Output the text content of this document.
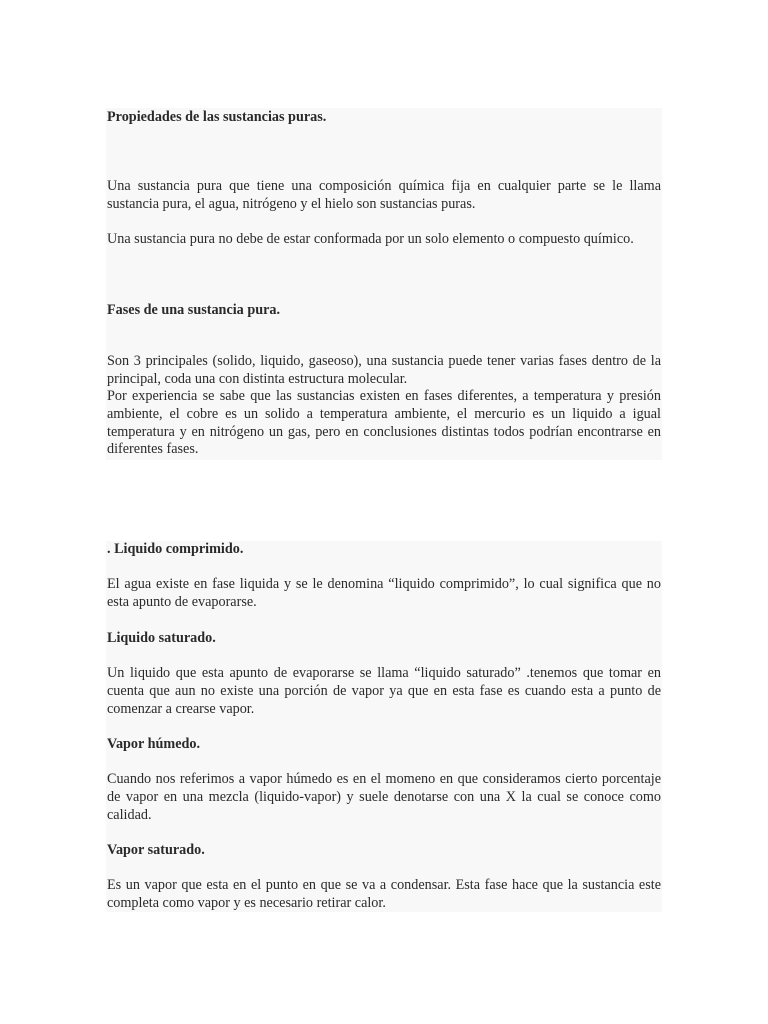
Propiedades de las sustancias puras.

Una sustancia pura que tiene una composición química fija en cualquier parte se le llama sustancia pura, el agua, nitrógeno y el hielo son sustancias puras.

Una sustancia pura no debe de estar conformada por un solo elemento o compuesto químico.

Fases de una sustancia pura.

Son 3 principales (solido, liquido, gaseoso), una sustancia puede tener varias fases dentro de la principal, coda una con distinta estructura molecular.

Por experiencia se sabe que las sustancias existen en fases diferentes, a temperatura y presión ambiente, el cobre es un solido a temperatura ambiente, el mercurio es un liquido a igual temperatura y en nitrógeno un gas, pero en conclusiones distintas todos podrían encontrarse en diferentes fases.

. Liquido comprimido.

El agua existe en fase liquida y se le denomina “liquido comprimido”, lo cual significa que no esta apunto de evaporarse.

Liquido saturado.

Un liquido que esta apunto de evaporarse se llama “liquido saturado” .tenemos que tomar en cuenta que aun no existe una porción de vapor ya que en esta fase es cuando esta a punto de comenzar a crearse vapor.

Vapor húmedo.

Cuando nos referimos a vapor húmedo es en el momeno en que consideramos cierto porcentaje de vapor en una mezcla (liquido-vapor) y suele denotarse con una X la cual se conoce como calidad.

Vapor saturado.

Es un vapor que esta en el punto en que se va a condensar. Esta fase hace que la sustancia este completa como vapor y es necesario retirar calor.
